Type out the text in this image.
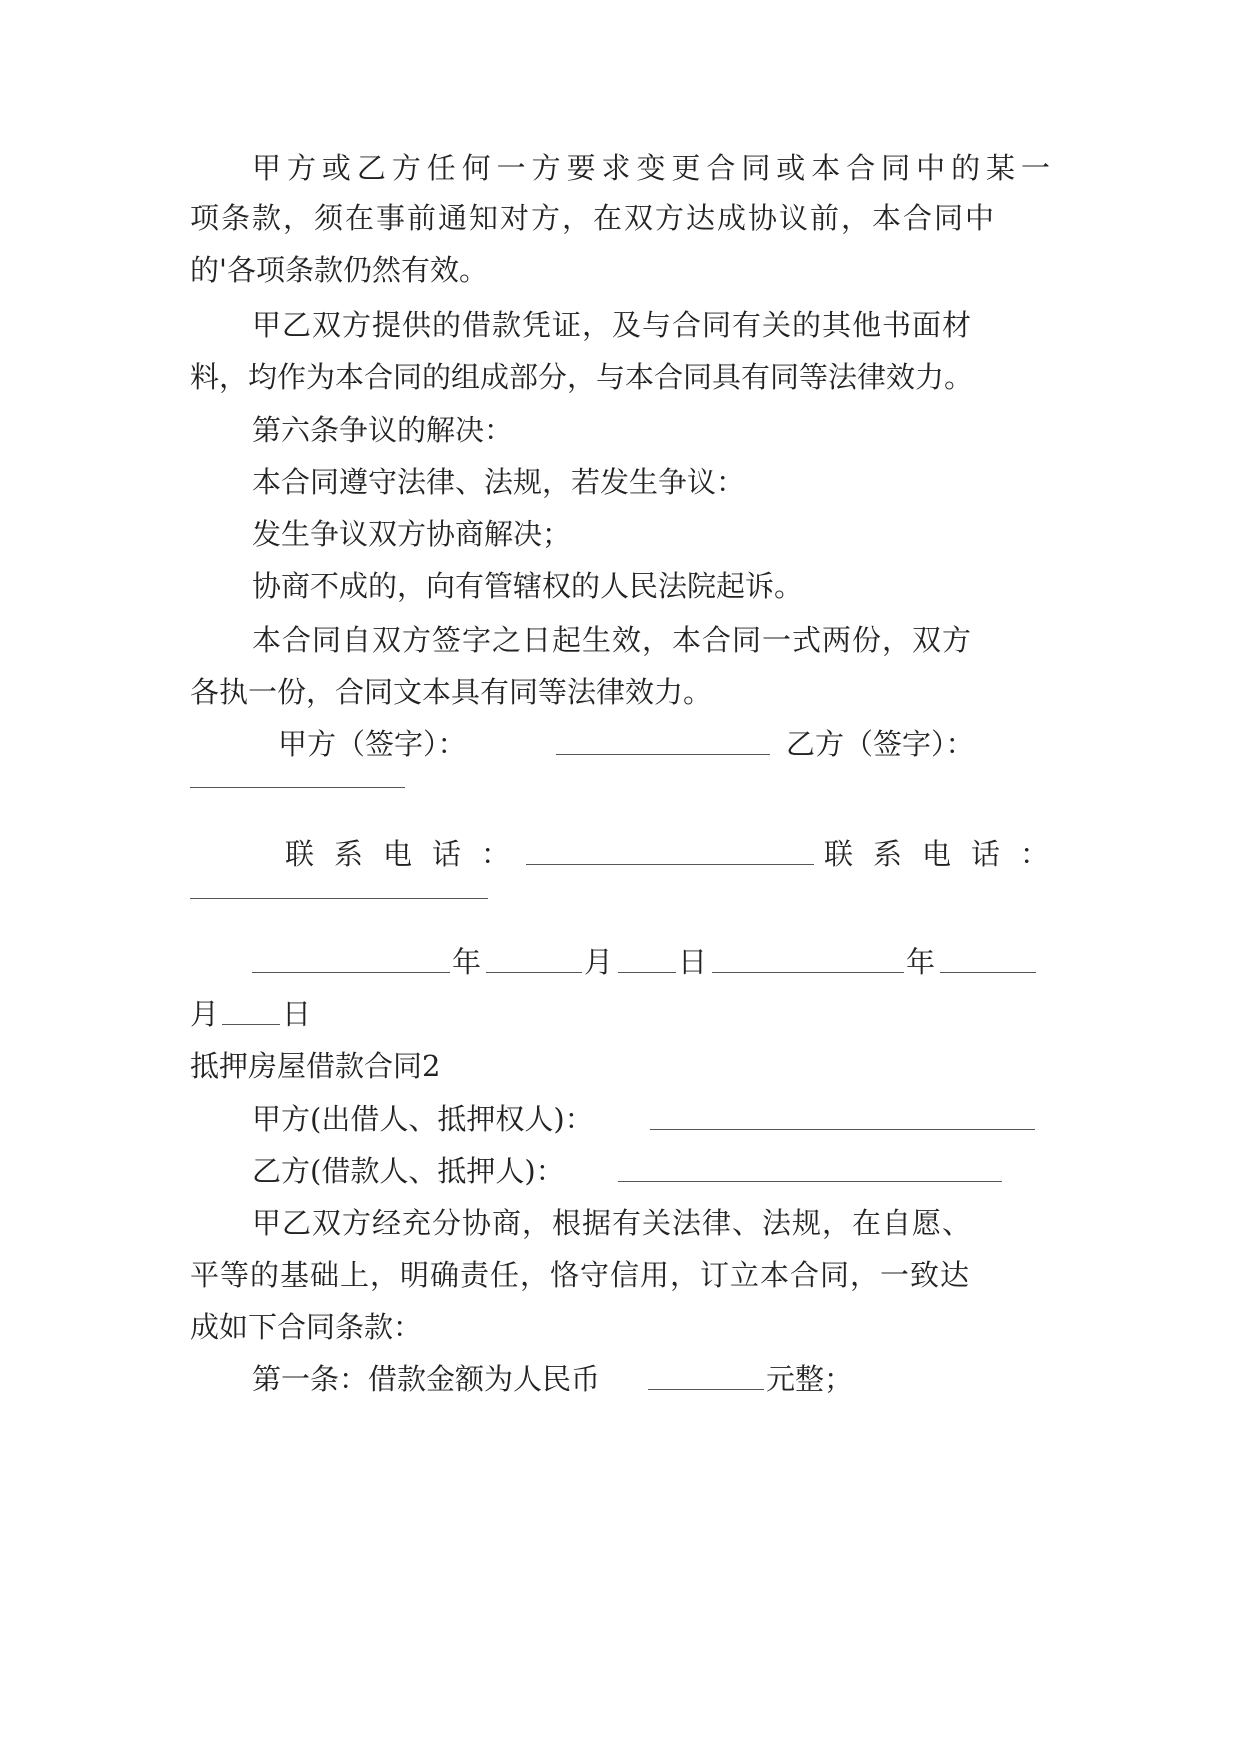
甲 方 或 乙 方 任 何 一 方 要 求 变 更 合 同 或 本 合 同 中 的 某 一
项条款，须在事前通知对方，在双方达成协议前，本合同中
的'各项条款仍然有效。
甲乙双方提供的借款凭证，及与合同有关的其他书面材
料，均作为本合同的组成部分，与本合同具有同等法律效力。
第六条争议的解决：
本合同遵守法律、法规，若发生争议：
发生争议双方协商解决；
协商不成的，向有管辖权的人民法院起诉。
本合同自双方签字之日起生效，本合同一式两份，双方
各执一份，合同文本具有同等法律效力。
甲方（签字）：	乙方（签字）：
联系电话：	联系电话：
年	月 日	年
月 日
抵押房屋借款合同2
甲方(出借人、抵押权人)：
乙方(借款人、抵押人)：
甲乙双方经充分协商，根据有关法律、法规，在自愿、
平等的基础上，明确责任，恪守信用，订立本合同，一致达
成如下合同条款：
第一条：借款金额为人民币	元整；
